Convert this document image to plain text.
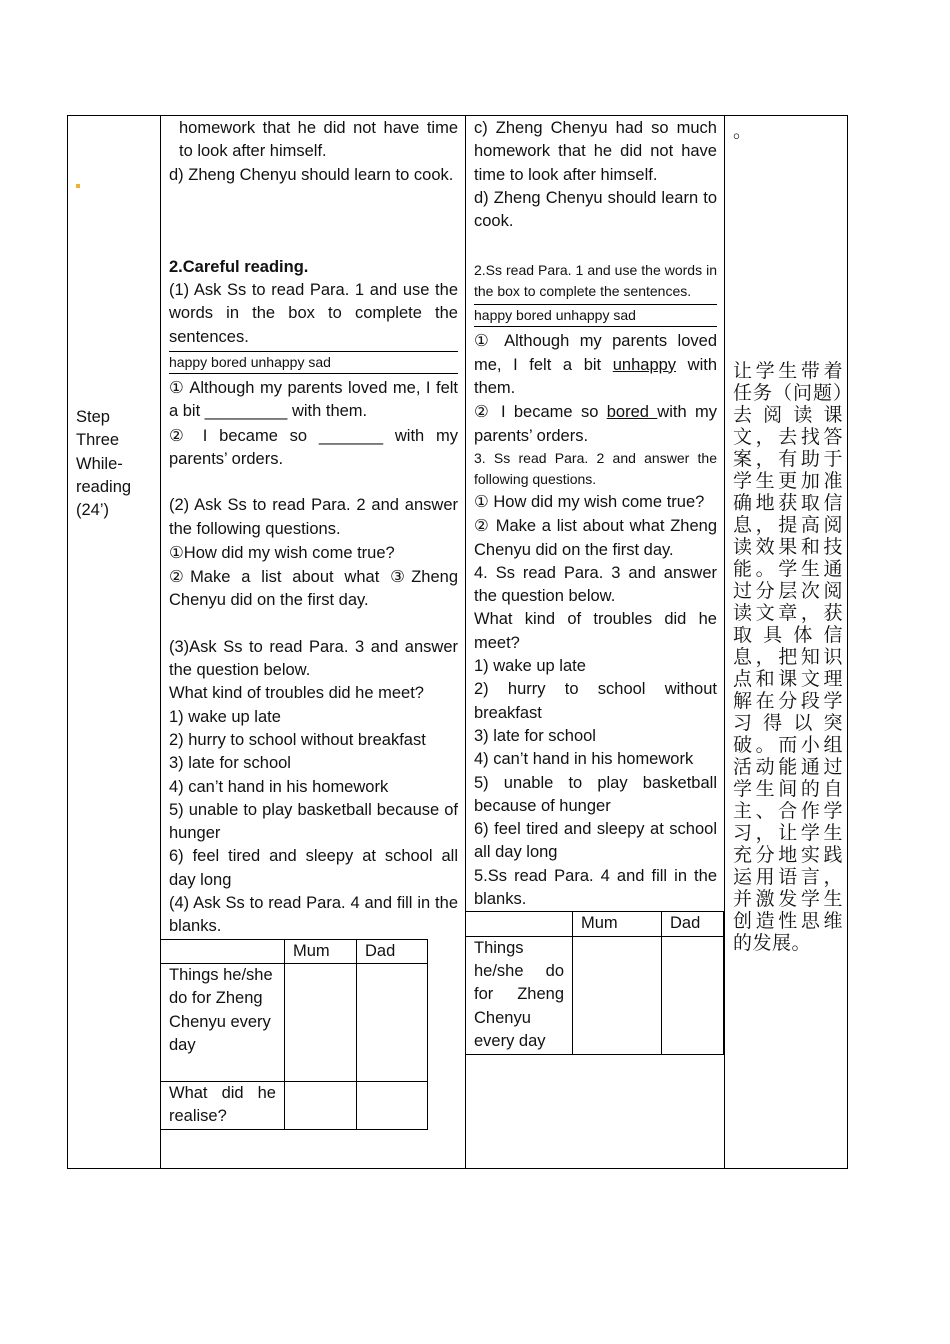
Step Three While-reading (24’)

homework that he did not have time to look after himself.

d) Zheng Chenyu should learn to cook.

2.Careful reading.

(1) Ask Ss to read Para. 1 and use the words in the box to complete the sentences.

happy bored unhappy sad

① Although my parents loved me, I felt a bit _________ with them.

② I became so _______ with my parents’ orders.

(2) Ask Ss to read Para. 2 and answer the following questions.

①How did my wish come true?

②Make a list about what ③Zheng Chenyu did on the first day.

(3)Ask Ss to read Para. 3 and answer the question below.

What kind of troubles did he meet?

1) wake up late

2) hurry to school without breakfast

3) late for school

4) can’t hand in his homework

5) unable to play basketball because of hunger

6) feel tired and sleepy at school all day long

(4) Ask Ss to read Para. 4 and fill in the blanks.

	Mum	Dad
Things he/she do for Zheng Chenyu every day		
What did he realise?		

c) Zheng Chenyu had so much homework that he did not have time to look after himself.

d) Zheng Chenyu should learn to cook.

2.Ss read Para. 1 and use the words in the box to complete the sentences.

happy bored unhappy sad

① Although my parents loved me, I felt a bit unhappy with them.

② I became so bored with my parents’ orders.

3. Ss read Para. 2 and answer the following questions.

① How did my wish come true?

② Make a list about what Zheng Chenyu did on the first day.

4. Ss read Para. 3 and answer the question below.

What kind of troubles did he meet?

1) wake up late

2) hurry to school without breakfast

3) late for school

4) can’t hand in his homework

5) unable to play basketball because of hunger

6) feel tired and sleepy at school all day long

5.Ss read Para. 4 and fill in the blanks.

	Mum	Dad
Things he/she do for Zheng Chenyu every day		
。
让学生带着任务（问题）去阅读课文，去找答案，有助于学生更加准确地获取信息，提高阅读效果和技能。学生通过分层次阅读文章，获取具体信息，把知识点和课文理解在分段学习得以突破。而小组活动能通过学生间的自主、合作学习，让学生充分地实践运用语言，并激发学生创造性思维的发展。
